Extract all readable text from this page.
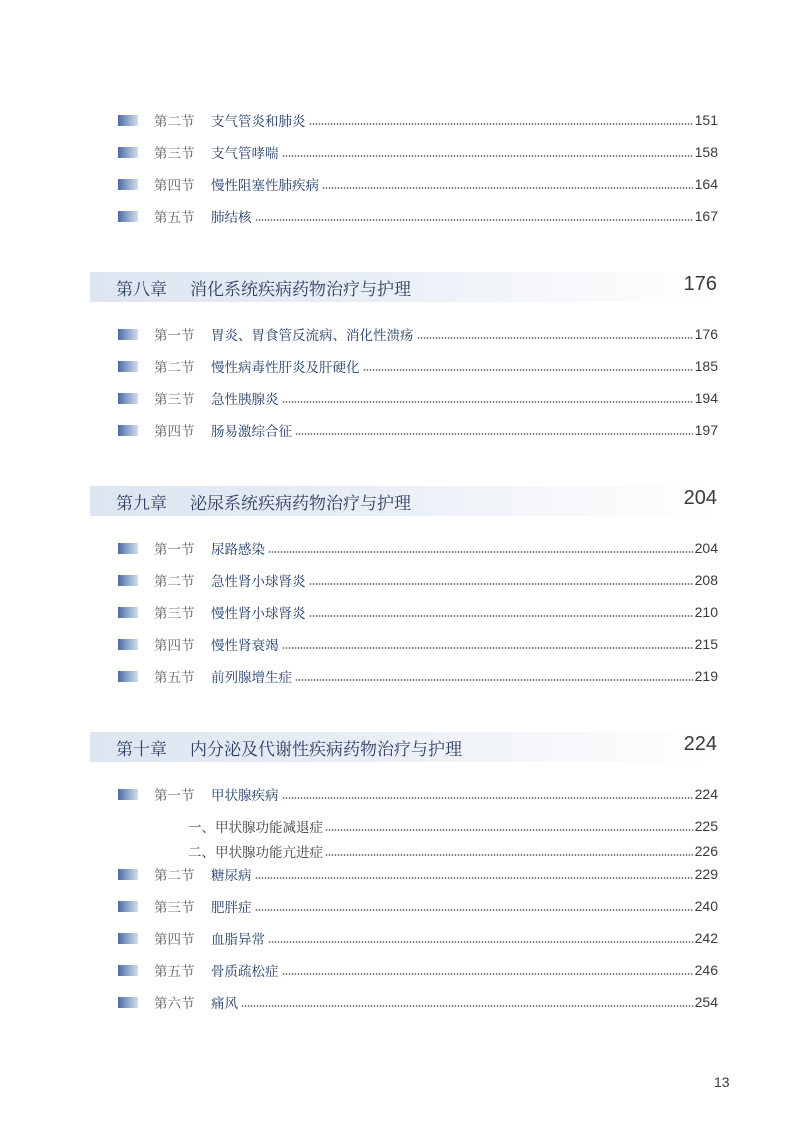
第二节 支气管炎和肺炎	151
第三节 支气管哮喘	158
第四节 慢性阻塞性肺疾病	164
第五节 肺结核	167
第八章 消化系统疾病药物治疗与护理	176
第一节 胃炎、胃食管反流病、消化性溃疡	176
第二节 慢性病毒性肝炎及肝硬化	185
第三节 急性胰腺炎	194
第四节 肠易激综合征	197
第九章 泌尿系统疾病药物治疗与护理	204
第一节 尿路感染	204
第二节 急性肾小球肾炎	208
第三节 慢性肾小球肾炎	210
第四节 慢性肾衰竭	215
第五节 前列腺增生症	219
第十章 内分泌及代谢性疾病药物治疗与护理	224
第一节 甲状腺疾病	224
一、甲状腺功能减退症	225
二、甲状腺功能亢进症	226
第二节 糖尿病	229
第三节 肥胖症	240
第四节 血脂异常	242
第五节 骨质疏松症	246
第六节 痛风	254
13
